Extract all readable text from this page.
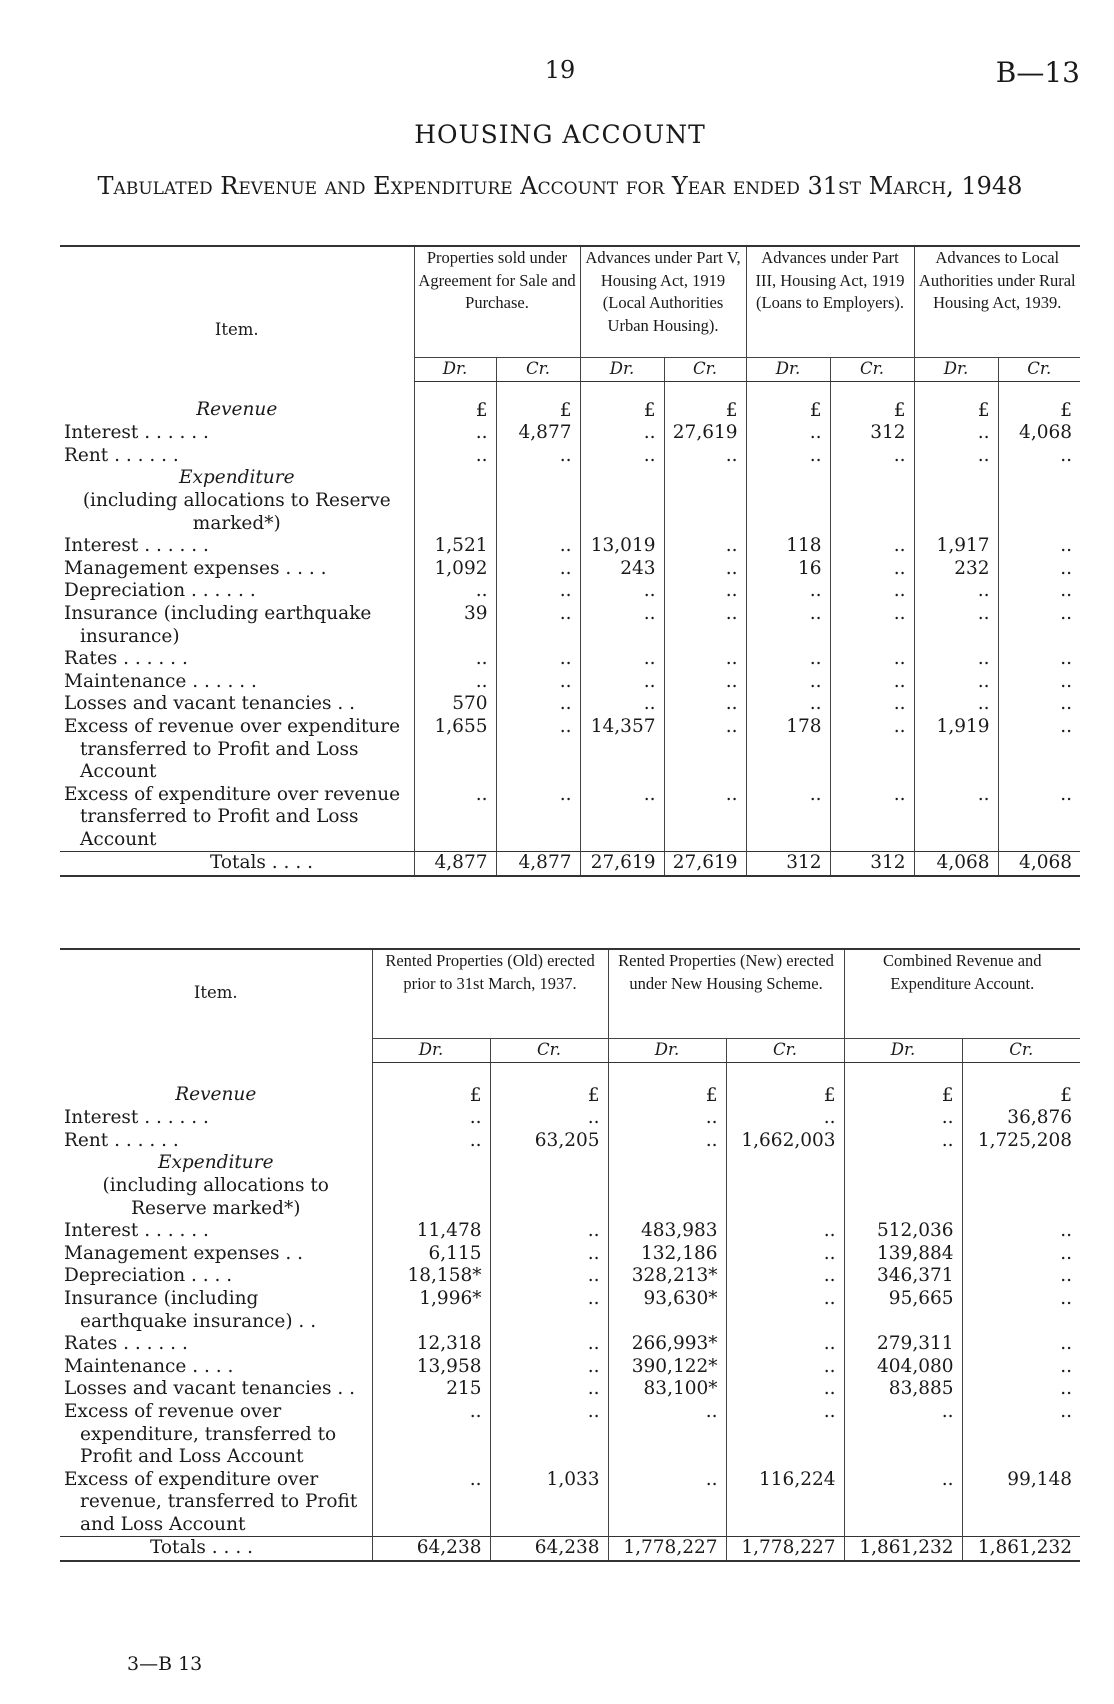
19	B—13
HOUSING ACCOUNT
Tabulated Revenue and Expenditure Account for Year ended 31st March, 1948
Item.	Properties sold under Agreement for Sale and Purchase.		Advances under Part V, Housing Act, 1919 (Local Authorities Urban Housing).		Advances under Part III, Housing Act, 1919 (Loans to Employers).		Advances to Local Authorities under Rural Housing Act, 1939.	
	Dr.	Cr.	Dr.	Cr.	Dr.	Cr.	Dr.	Cr.
Revenue	£	£	£	£	£	£	£	£
Interest . . . . . .	..	4,877	..	27,619	..	312	..	4,068
Rent . . . . . .	..	..	..	..	..	..	..	..
Expenditure								
(including allocations to Reserve marked*)								
Interest . . . . . .	1,521	..	13,019	..	118	..	1,917	..
Management expenses . . . .	1,092	..	243	..	16	..	232	..
Depreciation . . . . . .	..	..	..	..	..	..	..	..
Insurance (including earthquake insurance)	39	..	..	..	..	..	..	..
Rates . . . . . .	..	..	..	..	..	..	..	..
Maintenance . . . . . .	..	..	..	..	..	..	..	..
Losses and vacant tenancies . .	570	..	..	..	..	..	..	..
Excess of revenue over expenditure transferred to Profit and Loss Account	1,655	..	14,357	..	178	..	1,919	..
Excess of expenditure over revenue transferred to Profit and Loss Account	..	..	..	..	..	..	..	..
Totals . . . .	4,877	4,877	27,619	27,619	312	312	4,068	4,068
Item.	Rented Properties (Old) erected prior to 31st March, 1937.		Rented Properties (New) erected under New Housing Scheme.		Combined Revenue and Expenditure Account.	
	Dr.	Cr.	Dr.	Cr.	Dr.	Cr.
Revenue	£	£	£	£	£	£
Interest . . . . . .	..	..	..	..	..	36,876
Rent . . . . . .	..	63,205	..	1,662,003	..	1,725,208
Expenditure						
(including allocations to Reserve marked*)						
Interest . . . . . .	11,478	..	483,983	..	512,036	..
Management expenses . .	6,115	..	132,186	..	139,884	..
Depreciation . . . .	18,158*	..	328,213*	..	346,371	..
Insurance (including earthquake insurance) . .	1,996*	..	93,630*	..	95,665	..
Rates . . . . . .	12,318	..	266,993*	..	279,311	..
Maintenance . . . .	13,958	..	390,122*	..	404,080	..
Losses and vacant tenancies . .	215	..	83,100*	..	83,885	..
Excess of revenue over expenditure, transferred to Profit and Loss Account	..	..	..	..	..	..
Excess of expenditure over revenue, transferred to Profit and Loss Account	..	1,033	..	116,224	..	99,148
Totals . . . .	64,238	64,238	1,778,227	1,778,227	1,861,232	1,861,232
3—B 13
